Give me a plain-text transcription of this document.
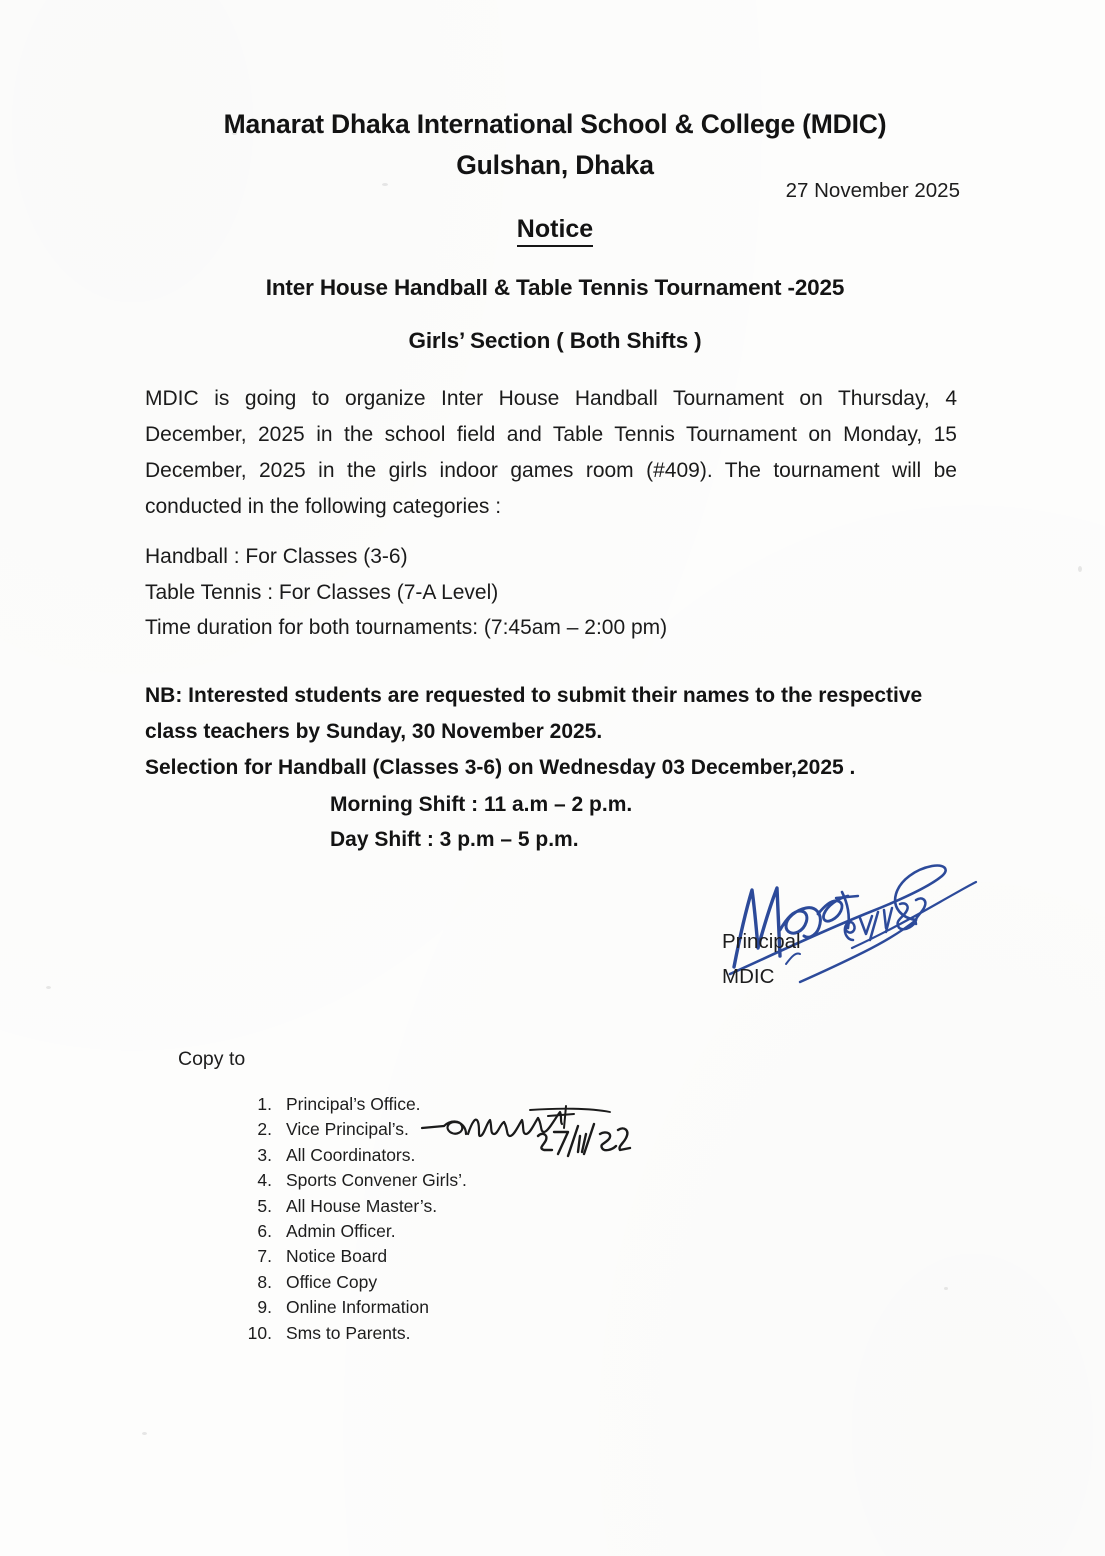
Manarat Dhaka International School & College (MDIC)
Gulshan, Dhaka
27 November 2025
Notice
Inter House Handball & Table Tennis Tournament -2025
Girls’ Section ( Both Shifts )
MDIC is going to organize Inter House Handball Tournament on Thursday, 4 December, 2025 in the school field and Table Tennis Tournament on Monday, 15 December, 2025 in the girls indoor games room (#409). The tournament will be conducted in the following categories :
Handball : For Classes (3-6)
Table Tennis : For Classes (7-A Level)
Time duration for both tournaments: (7:45am – 2:00 pm)
NB: Interested students are requested to submit their names to the respective class teachers by Sunday, 30 November 2025.
Selection for Handball (Classes 3-6) on Wednesday 03 December,2025 .
Morning Shift : 11 a.m – 2 p.m.
Day Shift : 3 p.m – 5 p.m.
Principal
MDIC
Copy to
1. Principal’s Office.
2. Vice Principal’s.
3. All Coordinators.
4. Sports Convener Girls’.
5. All House Master’s.
6. Admin Officer.
7. Notice Board
8. Office Copy
9. Online Information
10. Sms to Parents.
